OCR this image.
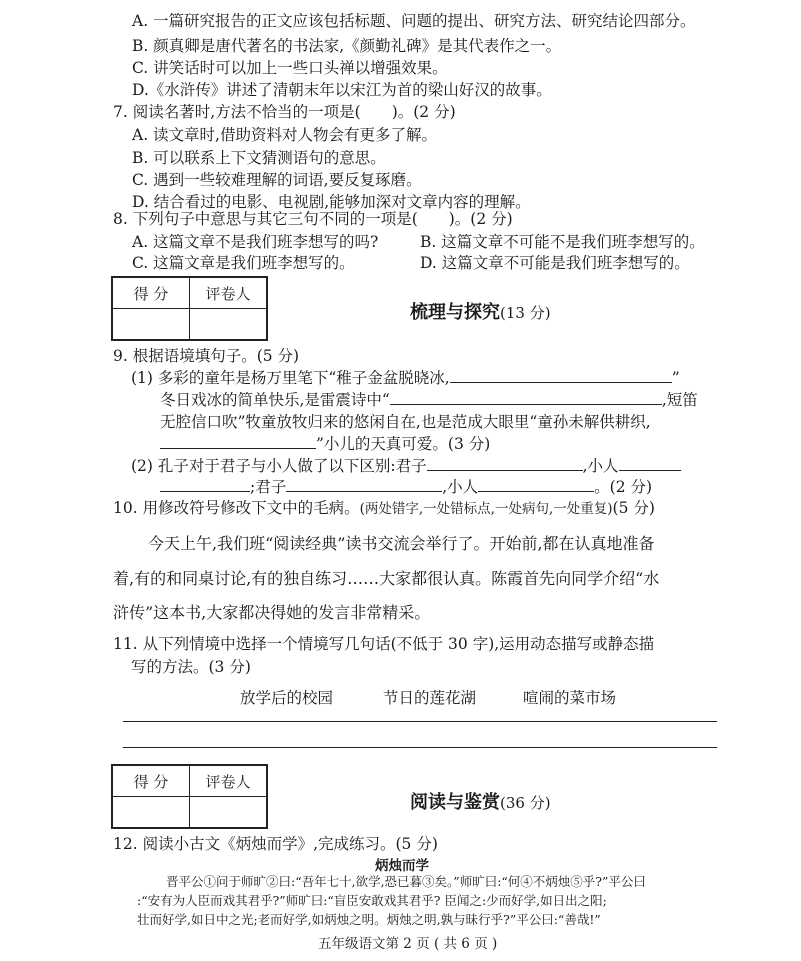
A. 一篇研究报告的正文应该包括标题、问题的提出、研究方法、研究结论四部分。
B. 颜真卿是唐代著名的书法家,《颜勤礼碑》是其代表作之一。
C. 讲笑话时可以加上一些口头禅以增强效果。
D.《水浒传》讲述了清朝末年以宋江为首的梁山好汉的故事。
7. 阅读名著时,方法不恰当的一项是(　　)。(2 分)
A. 读文章时,借助资料对人物会有更多了解。
B. 可以联系上下文猜测语句的意思。
C. 遇到一些较难理解的词语,要反复琢磨。
D. 结合看过的电影、电视剧,能够加深对文章内容的理解。
8. 下列句子中意思与其它三句不同的一项是(　　)。(2 分)
A. 这篇文章不是我们班李想写的吗?	B. 这篇文章不可能不是我们班李想写的。
C. 这篇文章是我们班李想写的。	D. 这篇文章不可能是我们班李想写的。
得 分	评卷人

梳理与探究(13 分)
9. 根据语境填句子。(5 分)
(1) 多彩的童年是杨万里笔下“稚子金盆脱晓冰,	”
冬日戏冰的简单快乐,是雷震诗中“	,短笛
无腔信口吹”牧童放牧归来的悠闲自在,也是范成大眼里“童孙未解供耕织,
”小儿的天真可爱。(3 分)
(2) 孔子对于君子与小人做了以下区别:君子	,小人
;君子	,小人	。(2 分)
10. 用修改符号修改下文中的毛病。(两处错字,一处错标点,一处病句,一处重复)(5 分)
今天上午,我们班“阅读经典”读书交流会举行了。开始前,都在认真地准备
着,有的和同桌讨论,有的独自练习……大家都很认真。陈霞首先向同学介绍“水
浒传”这本书,大家都决得她的发言非常精采。
11. 从下列情境中选择一个情境写几句话(不低于 30 字),运用动态描写或静态描
写的方法。(3 分)
放学后的校园	节日的莲花湖	喧闹的菜市场
得 分	评卷人

阅读与鉴赏(36 分)
12. 阅读小古文《炳烛而学》,完成练习。(5 分)
炳烛而学
晋平公①问于师旷②曰:“吾年七十,欲学,恐已暮③矣。”师旷曰:“何④不炳烛⑤乎?”平公曰
:“安有为人臣而戏其君乎?”师旷曰:“盲臣安敢戏其君乎? 臣闻之:少而好学,如日出之阳;
壮而好学,如日中之光;老而好学,如炳烛之明。炳烛之明,孰与昧行乎?”平公曰:“善哉!”
五年级语文第 2 页 ( 共 6 页 )
